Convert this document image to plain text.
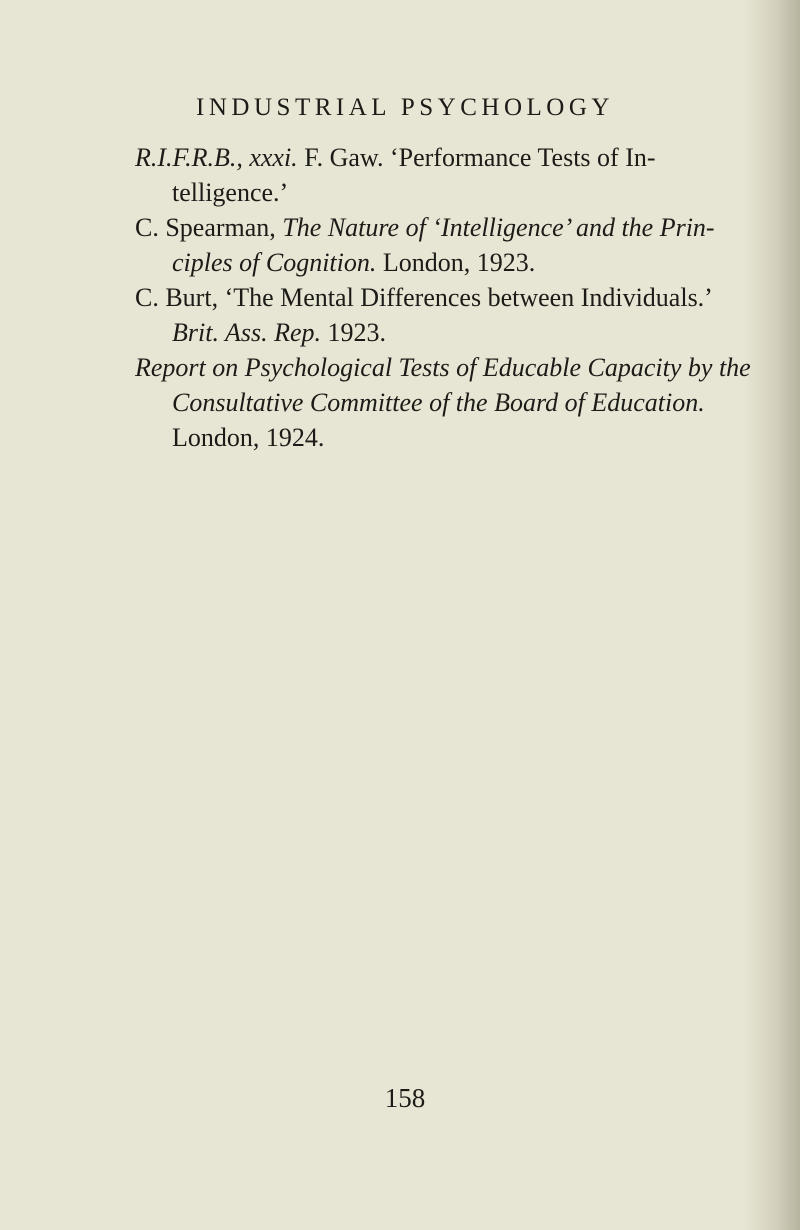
INDUSTRIAL PSYCHOLOGY

R.I.F.R.B., xxxi. F. Gaw. ‘Performance Tests of In-telligence.’

C. Spearman, The Nature of ‘Intelligence’ and the Prin-ciples of Cognition. London, 1923.

C. Burt, ‘The Mental Differences between Individuals.’ Brit. Ass. Rep. 1923.

Report on Psychological Tests of Educable Capacity by the Consultative Committee of the Board of Education. London, 1924.

158
